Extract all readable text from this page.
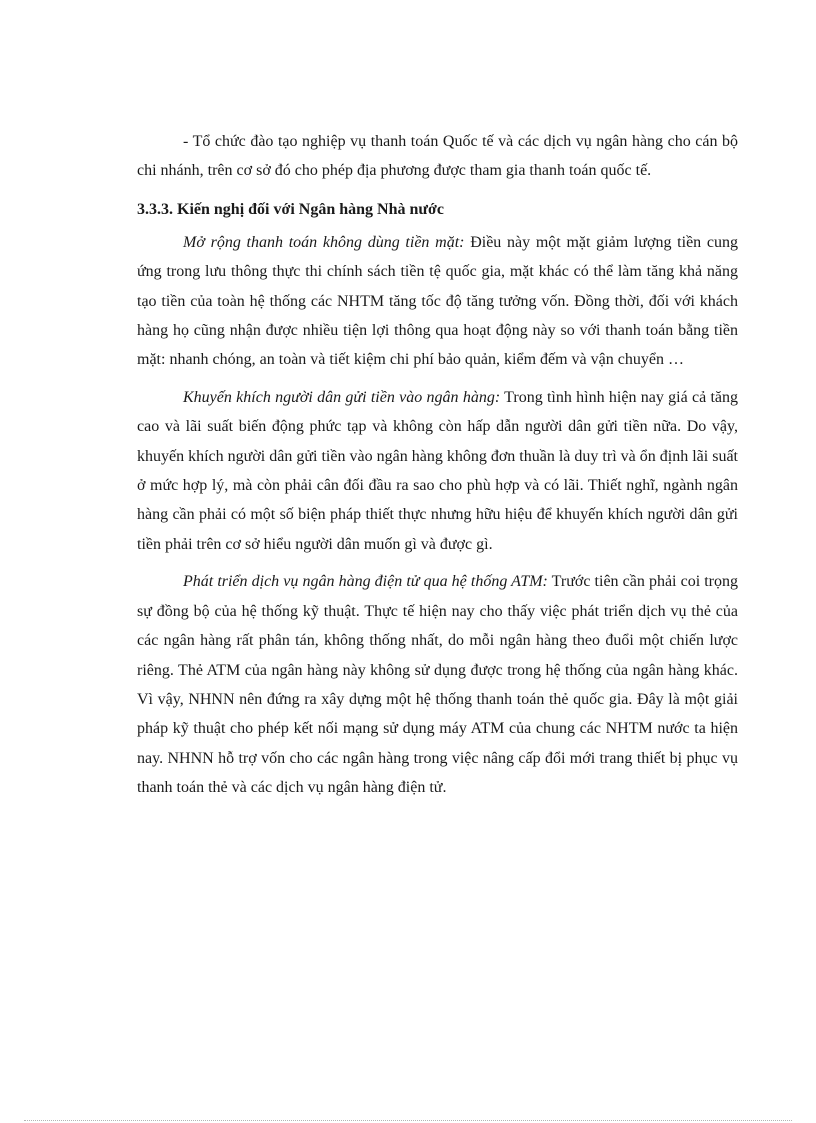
- Tổ chức đào tạo nghiệp vụ thanh toán Quốc tế và các dịch vụ ngân hàng cho cán bộ chi nhánh, trên cơ sở đó cho phép địa phương được tham gia thanh toán quốc tế.

3.3.3. Kiến nghị đối với Ngân hàng Nhà nước

Mở rộng thanh toán không dùng tiền mặt: Điều này một mặt giảm lượng tiền cung ứng trong lưu thông thực thi chính sách tiền tệ quốc gia, mặt khác có thể làm tăng khả năng tạo tiền của toàn hệ thống các NHTM tăng tốc độ tăng tưởng vốn. Đồng thời, đối với khách hàng họ cũng nhận được nhiều tiện lợi thông qua hoạt động này so với thanh toán bằng tiền mặt: nhanh chóng, an toàn và tiết kiệm chi phí bảo quản, kiểm đếm và vận chuyển …

Khuyến khích người dân gửi tiền vào ngân hàng: Trong tình hình hiện nay giá cả tăng cao và lãi suất biến động phức tạp và không còn hấp dẫn người dân gửi tiền nữa. Do vậy, khuyến khích người dân gửi tiền vào ngân hàng không đơn thuần là duy trì và ổn định lãi suất ở mức hợp lý, mà còn phải cân đối đầu ra sao cho phù hợp và có lãi. Thiết nghĩ, ngành ngân hàng cần phải có một số biện pháp thiết thực nhưng hữu hiệu để khuyến khích người dân gửi tiền phải trên cơ sở hiểu người dân muốn gì và được gì.

Phát triển dịch vụ ngân hàng điện tử qua hệ thống ATM: Trước tiên cần phải coi trọng sự đồng bộ của hệ thống kỹ thuật. Thực tế hiện nay cho thấy việc phát triển dịch vụ thẻ của các ngân hàng rất phân tán, không thống nhất, do mỗi ngân hàng theo đuổi một chiến lược riêng. Thẻ ATM của ngân hàng này không sử dụng được trong hệ thống của ngân hàng khác. Vì vậy, NHNN nên đứng ra xây dựng một hệ thống thanh toán thẻ quốc gia. Đây là một giải pháp kỹ thuật cho phép kết nối mạng sử dụng máy ATM của chung các NHTM nước ta hiện nay. NHNN hỗ trợ vốn cho các ngân hàng trong việc nâng cấp đổi mới trang thiết bị phục vụ thanh toán thẻ và các dịch vụ ngân hàng điện tử.
